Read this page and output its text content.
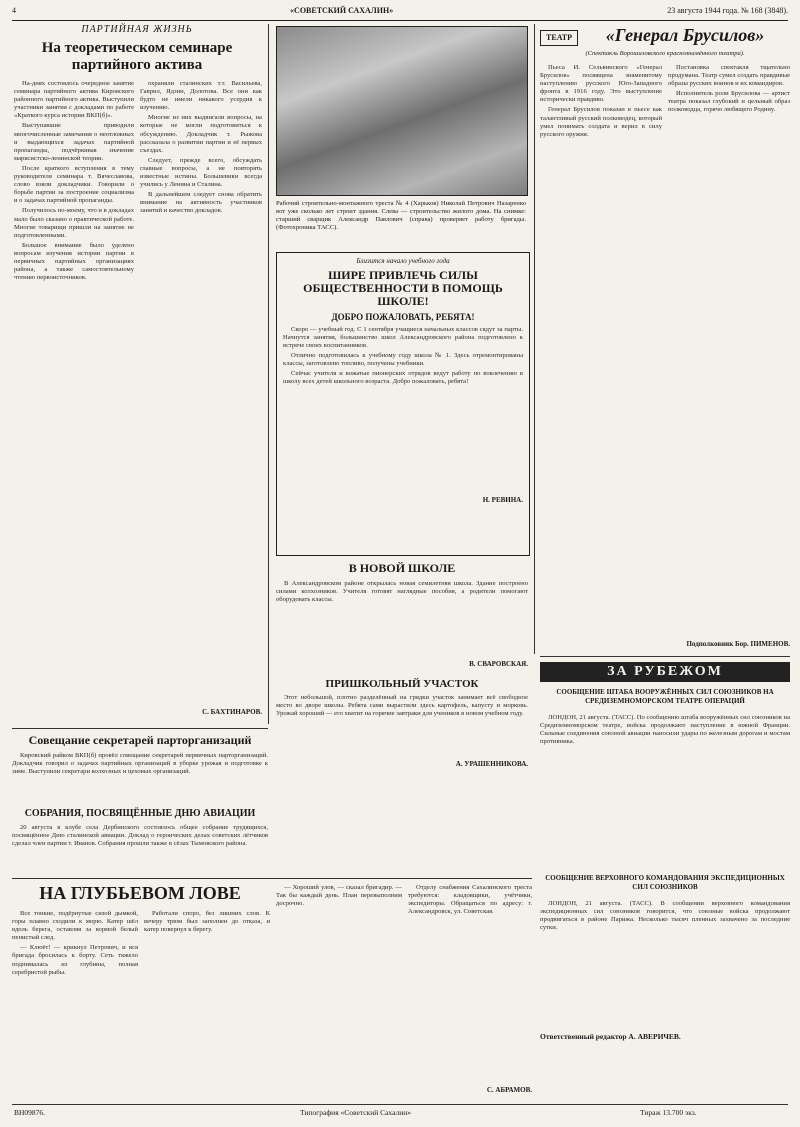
4	«СОВЕТСКИЙ САХАЛИН»	23 августа 1944 года. № 168 (3848).
ПАРТИЙНАЯ ЖИЗНЬ
На теоретическом семинаре партийного актива

На-днях состоялось очередное занятие семинара партийного актива Кировского районного партийного актива. Выступили участники занятия с докладами по работе «Краткого курса истории ВКП(б)».

Выступавшие приводили многочисленные замечания о неотложных и выдающихся задачах партийной пропаганды, подчёркивая значение марксистско-ленинской теории.

После краткого вступления в тему руководителя семинара т. Вячеславова, слово взяли докладчики. Говорили о борьбе партии за построение социализма и о задачах партийной пропаганды.

Получилось по-моему, что и в докладах мало было сказано о практической работе. Многие товарищи пришли на занятие не подготовленными.

Большое внимание было уделено вопросам изучения истории партии в первичных партийных организациях района, а также самостоятельному чтению первоисточников.

охраняли сталинских т.т. Васильева, Гаврил, Ядзин, Долотова. Все они как будто не имели никакого усердия к изучению.

Многие из них выдвигали вопросы, на которые не могли подготовиться к обсуждению. Докладчик т. Рыжова рассказала о развитии партии и её первых съездах.

Следует, прежде всего, обсуждать главные вопросы, а не повторять известные истины. Большевики всегда учились у Ленина и Сталина.

В дальнейшем следует снова обратить внимание на активность участников занятий и качество докладов.

С. БАХТИНАРОВ.
Рабочий строительно-монтажного треста № 4 (Харьков) Николай Петрович Назаренко вот уже сколько лет строит здания. Слева — строительство жилого дома. На снимке: старший сварщик Александр Павлович (справа) проверяет работу бригады. (Фотохроника ТАСС).
Близится начало учебного года
ШИРЕ ПРИВЛЕЧЬ СИЛЫ ОБЩЕСТВЕННОСТИ В ПОМОЩЬ ШКОЛЕ!
ДОБРО ПОЖАЛОВАТЬ, РЕБЯТА!

Скоро — учебный год. С 1 сентября учащиеся начальных классов сядут за парты. Начнутся занятия, большинство школ Александровского района подготовлено к встрече своих воспитанников.

Отлично подготовилась к учебному году школа № 1. Здесь отремонтированы классы, заготовлено топливо, получены учебники.

Сейчас учителя и вожатые пионерских отрядов ведут работу по вовлечению в школу всех детей школьного возраста. Добро пожаловать, ребята!

Н. РЕВИНА.
В НОВОЙ ШКОЛЕ

В Александровском районе открылась новая семилетняя школа. Здание построено силами колхозников. Учителя готовят наглядные пособия, а родители помогают оборудовать классы.

В. СВАРОВСКАЯ.
ПРИШКОЛЬНЫЙ УЧАСТОК

Этот небольшой, плотно разделённый на грядки участок занимает всё свободное место во дворе школы. Ребята сами вырастили здесь картофель, капусту и морковь. Урожай хороший — его хватит на горячие завтраки для учеников в новом учебном году.

А. УРАШЕННИКОВА.
ТЕАТР	«Генерал Брусилов»
(Спектакль Ворошиловского краснознамённого театра).

Пьеса И. Сельвинского «Генерал Брусилов» посвящена знаменитому наступлению русского Юго-Западного фронта в 1916 году. Это выступление исторически правдиво.

Генерал Брусилов показан в пьесе как талантливый русский полководец, который умел понимать солдата и верил в силу русского оружия.

Постановка спектакля тщательно продумана. Театр сумел создать правдивые образы русских воинов и их командиров.

Исполнитель роли Брусилова — артист театра показал глубокий и цельный образ полководца, горячо любящего Родину.

Подполковник Бор. ПИМЕНОВ.
ЗА РУБЕЖОМ
СООБЩЕНИЕ ШТАБА ВООРУЖЁННЫХ СИЛ СОЮЗНИКОВ НА СРЕДИЗЕМНОМОРСКОМ ТЕАТРЕ ОПЕРАЦИЙ

ЛОНДОН, 21 августа. (ТАСС). По сообщению штаба вооружённых сил союзников на Средиземноморском театре, войска продолжают наступление в южной Франции. Сильные соединения союзной авиации наносили удары по железным дорогам и мостам противника.

СООБЩЕНИЕ ВЕРХОВНОГО КОМАНДОВАНИЯ ЭКСПЕДИЦИОННЫХ СИЛ СОЮЗНИКОВ

ЛОНДОН, 21 августа. (ТАСС). В сообщении верховного командования экспедиционных сил союзников говорится, что союзные войска продолжают продвигаться в районе Парижа. Несколько тысяч пленных захвачено за последние сутки.

Совещание секретарей парторганизаций

Кировский райком ВКП(б) провёл совещание секретарей первичных парторганизаций. Докладчик говорил о задачах партийных организаций в уборке урожая и подготовке к зиме. Выступили секретари колхозных и цеховых организаций.

СОБРАНИЯ, ПОСВЯЩЁННЫЕ ДНЮ АВИАЦИИ

20 августа в клубе села Дербинского состоялось общее собрание трудящихся, посвящённое Дню сталинской авиации. Доклад о героических делах советских лётчиков сделал член партии т. Иванов. Собрания прошли также в сёлах Тымовского района.

НА ГЛУБЬЕВОМ ЛОВЕ

Все тонкие, подёрнутые сизой дымкой, горы плавно сходили к морю. Катер шёл вдоль берега, оставляя за кормой белый пенистый след.

— Клюёт! — крикнул Петрович, и вся бригада бросилась к борту. Сеть тяжело поднималась из глубины, полная серебристой рыбы.

Работали споро, без лишних слов. К вечеру трюм был заполнен до отказа, и катер повернул к берегу.

— Хороший улов, — сказал бригадир. — Так бы каждый день. План перевыполним досрочно.

Отделу снабжения Сахалинского треста требуются: кладовщики, учётчики, экспедиторы. Обращаться по адресу: г. Александровск, ул. Советская.

С. АБРАМОВ.
Ответственный редактор А. АВЕРИЧЕВ.
ВН09876.	Типография «Советский Сахалин»	Тираж 13.700 экз.
